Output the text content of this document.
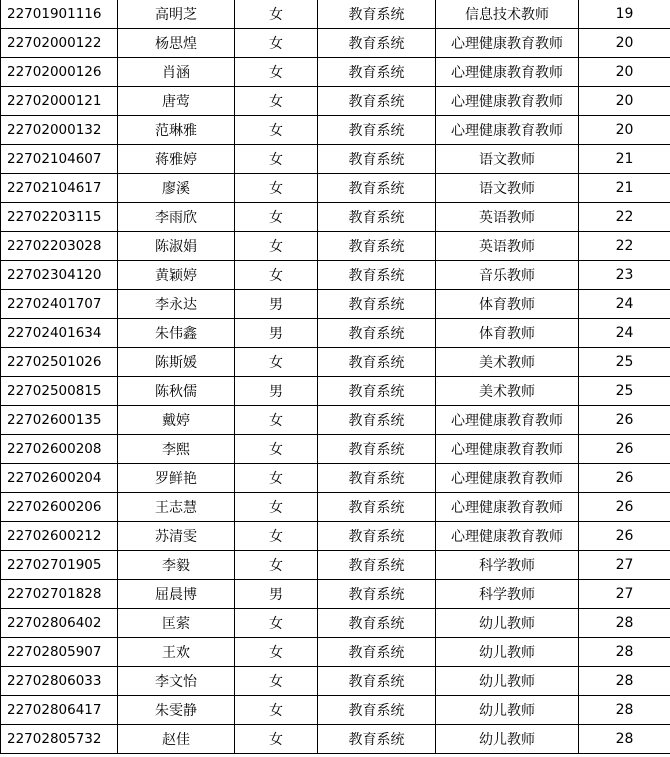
22701901116	高明芝	女	教育系统	信息技术教师	19
22702000122	杨思煌	女	教育系统	心理健康教育教师	20
22702000126	肖涵	女	教育系统	心理健康教育教师	20
22702000121	唐莺	女	教育系统	心理健康教育教师	20
22702000132	范琳雅	女	教育系统	心理健康教育教师	20
22702104607	蒋雅婷	女	教育系统	语文教师	21
22702104617	廖溪	女	教育系统	语文教师	21
22702203115	李雨欣	女	教育系统	英语教师	22
22702203028	陈淑娟	女	教育系统	英语教师	22
22702304120	黄颖婷	女	教育系统	音乐教师	23
22702401707	李永达	男	教育系统	体育教师	24
22702401634	朱伟鑫	男	教育系统	体育教师	24
22702501026	陈斯媛	女	教育系统	美术教师	25
22702500815	陈秋儒	男	教育系统	美术教师	25
22702600135	戴婷	女	教育系统	心理健康教育教师	26
22702600208	李熙	女	教育系统	心理健康教育教师	26
22702600204	罗鲜艳	女	教育系统	心理健康教育教师	26
22702600206	王志慧	女	教育系统	心理健康教育教师	26
22702600212	苏清雯	女	教育系统	心理健康教育教师	26
22702701905	李毅	女	教育系统	科学教师	27
22702701828	屈晨博	男	教育系统	科学教师	27
22702806402	匡萦	女	教育系统	幼儿教师	28
22702805907	王欢	女	教育系统	幼儿教师	28
22702806033	李文怡	女	教育系统	幼儿教师	28
22702806417	朱雯静	女	教育系统	幼儿教师	28
22702805732	赵佳	女	教育系统	幼儿教师	28
